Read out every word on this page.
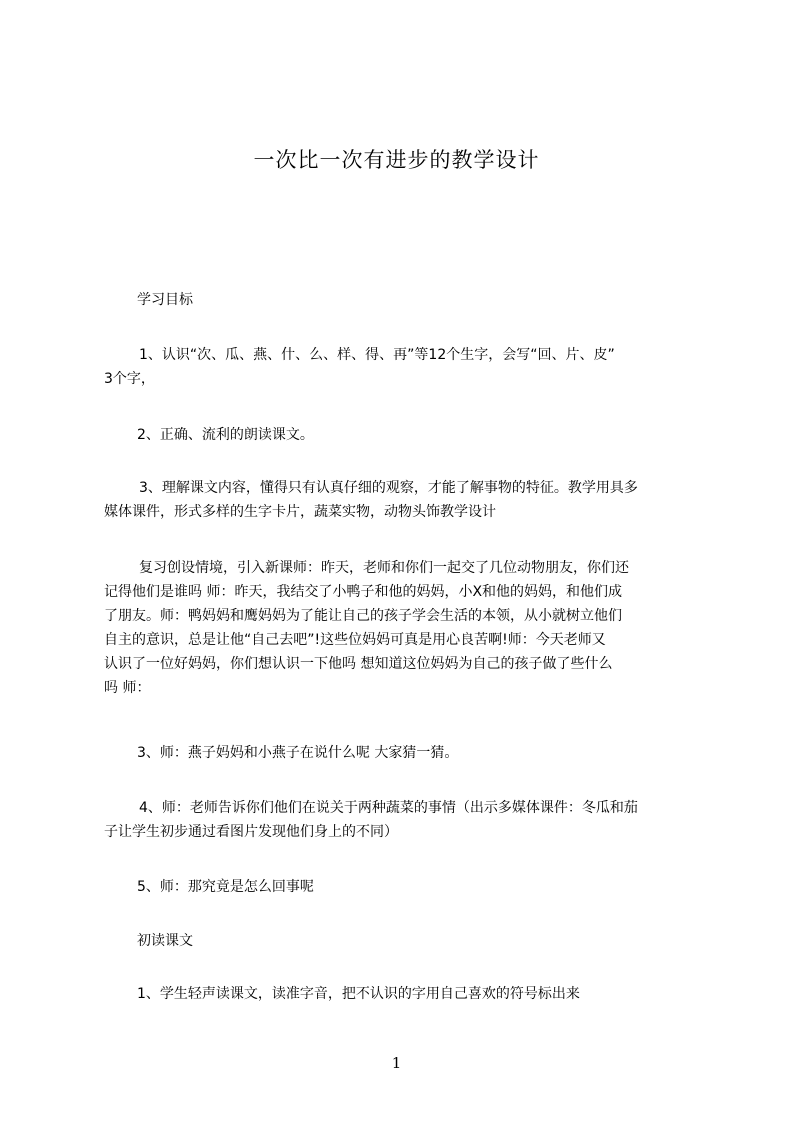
一次比一次有进步的教学设计

学习目标

1、认识“次、瓜、燕、什、么、样、得、再”等12个生字，会写“回、片、皮”
3个字，

2、正确、流利的朗读课文。

3、理解课文内容，懂得只有认真仔细的观察，才能了解事物的特征。教学用具多
媒体课件，形式多样的生字卡片，蔬菜实物，动物头饰教学设计

复习创设情境，引入新课师：昨天，老师和你们一起交了几位动物朋友，你们还
记得他们是谁吗 师：昨天，我结交了小鸭子和他的妈妈，小X和他的妈妈，和他们成
了朋友。师：鸭妈妈和鹰妈妈为了能让自己的孩子学会生活的本领，从小就树立他们
自主的意识，总是让他“自己去吧”!这些位妈妈可真是用心良苦啊!师：今天老师又
认识了一位好妈妈，你们想认识一下他吗 想知道这位妈妈为自己的孩子做了些什么
吗 师：

3、师：燕子妈妈和小燕子在说什么呢 大家猜一猜。

4、师：老师告诉你们他们在说关于两种蔬菜的事情（出示多媒体课件：冬瓜和茄
子让学生初步通过看图片发现他们身上的不同）

5、师：那究竟是怎么回事呢

初读课文

1、学生轻声读课文，读准字音，把不认识的字用自己喜欢的符号标出来

1
